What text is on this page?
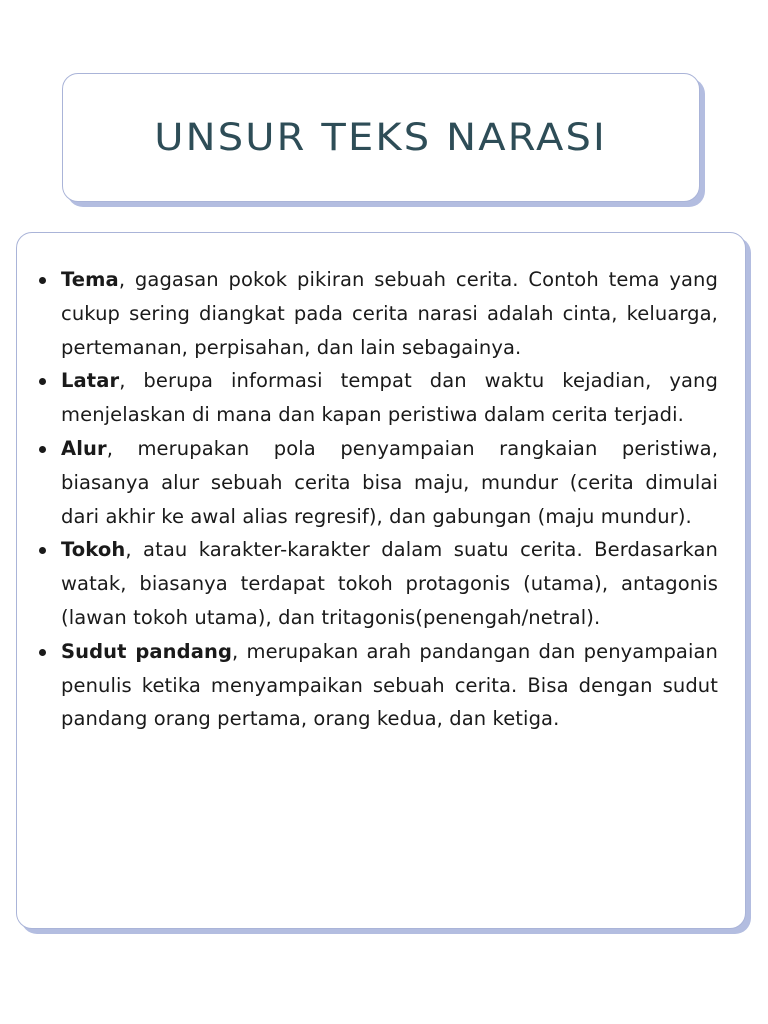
UNSUR TEKS NARASI
Tema, gagasan pokok pikiran sebuah cerita. Contoh tema yang cukup sering diangkat pada cerita narasi adalah cinta, keluarga, pertemanan, perpisahan, dan lain sebagainya.
Latar, berupa informasi tempat dan waktu kejadian, yang menjelaskan di mana dan kapan peristiwa dalam cerita terjadi.
Alur, merupakan pola penyampaian rangkaian peristiwa, biasanya alur sebuah cerita bisa maju, mundur (cerita dimulai dari akhir ke awal alias regresif), dan gabungan (maju mundur).
Tokoh, atau karakter-karakter dalam suatu cerita. Berdasarkan watak, biasanya terdapat tokoh protagonis (utama), antagonis (lawan tokoh utama), dan tritagonis(penengah/netral).
Sudut pandang, merupakan arah pandangan dan penyampaian penulis ketika menyampaikan sebuah cerita. Bisa dengan sudut pandang orang pertama, orang kedua, dan ketiga.
